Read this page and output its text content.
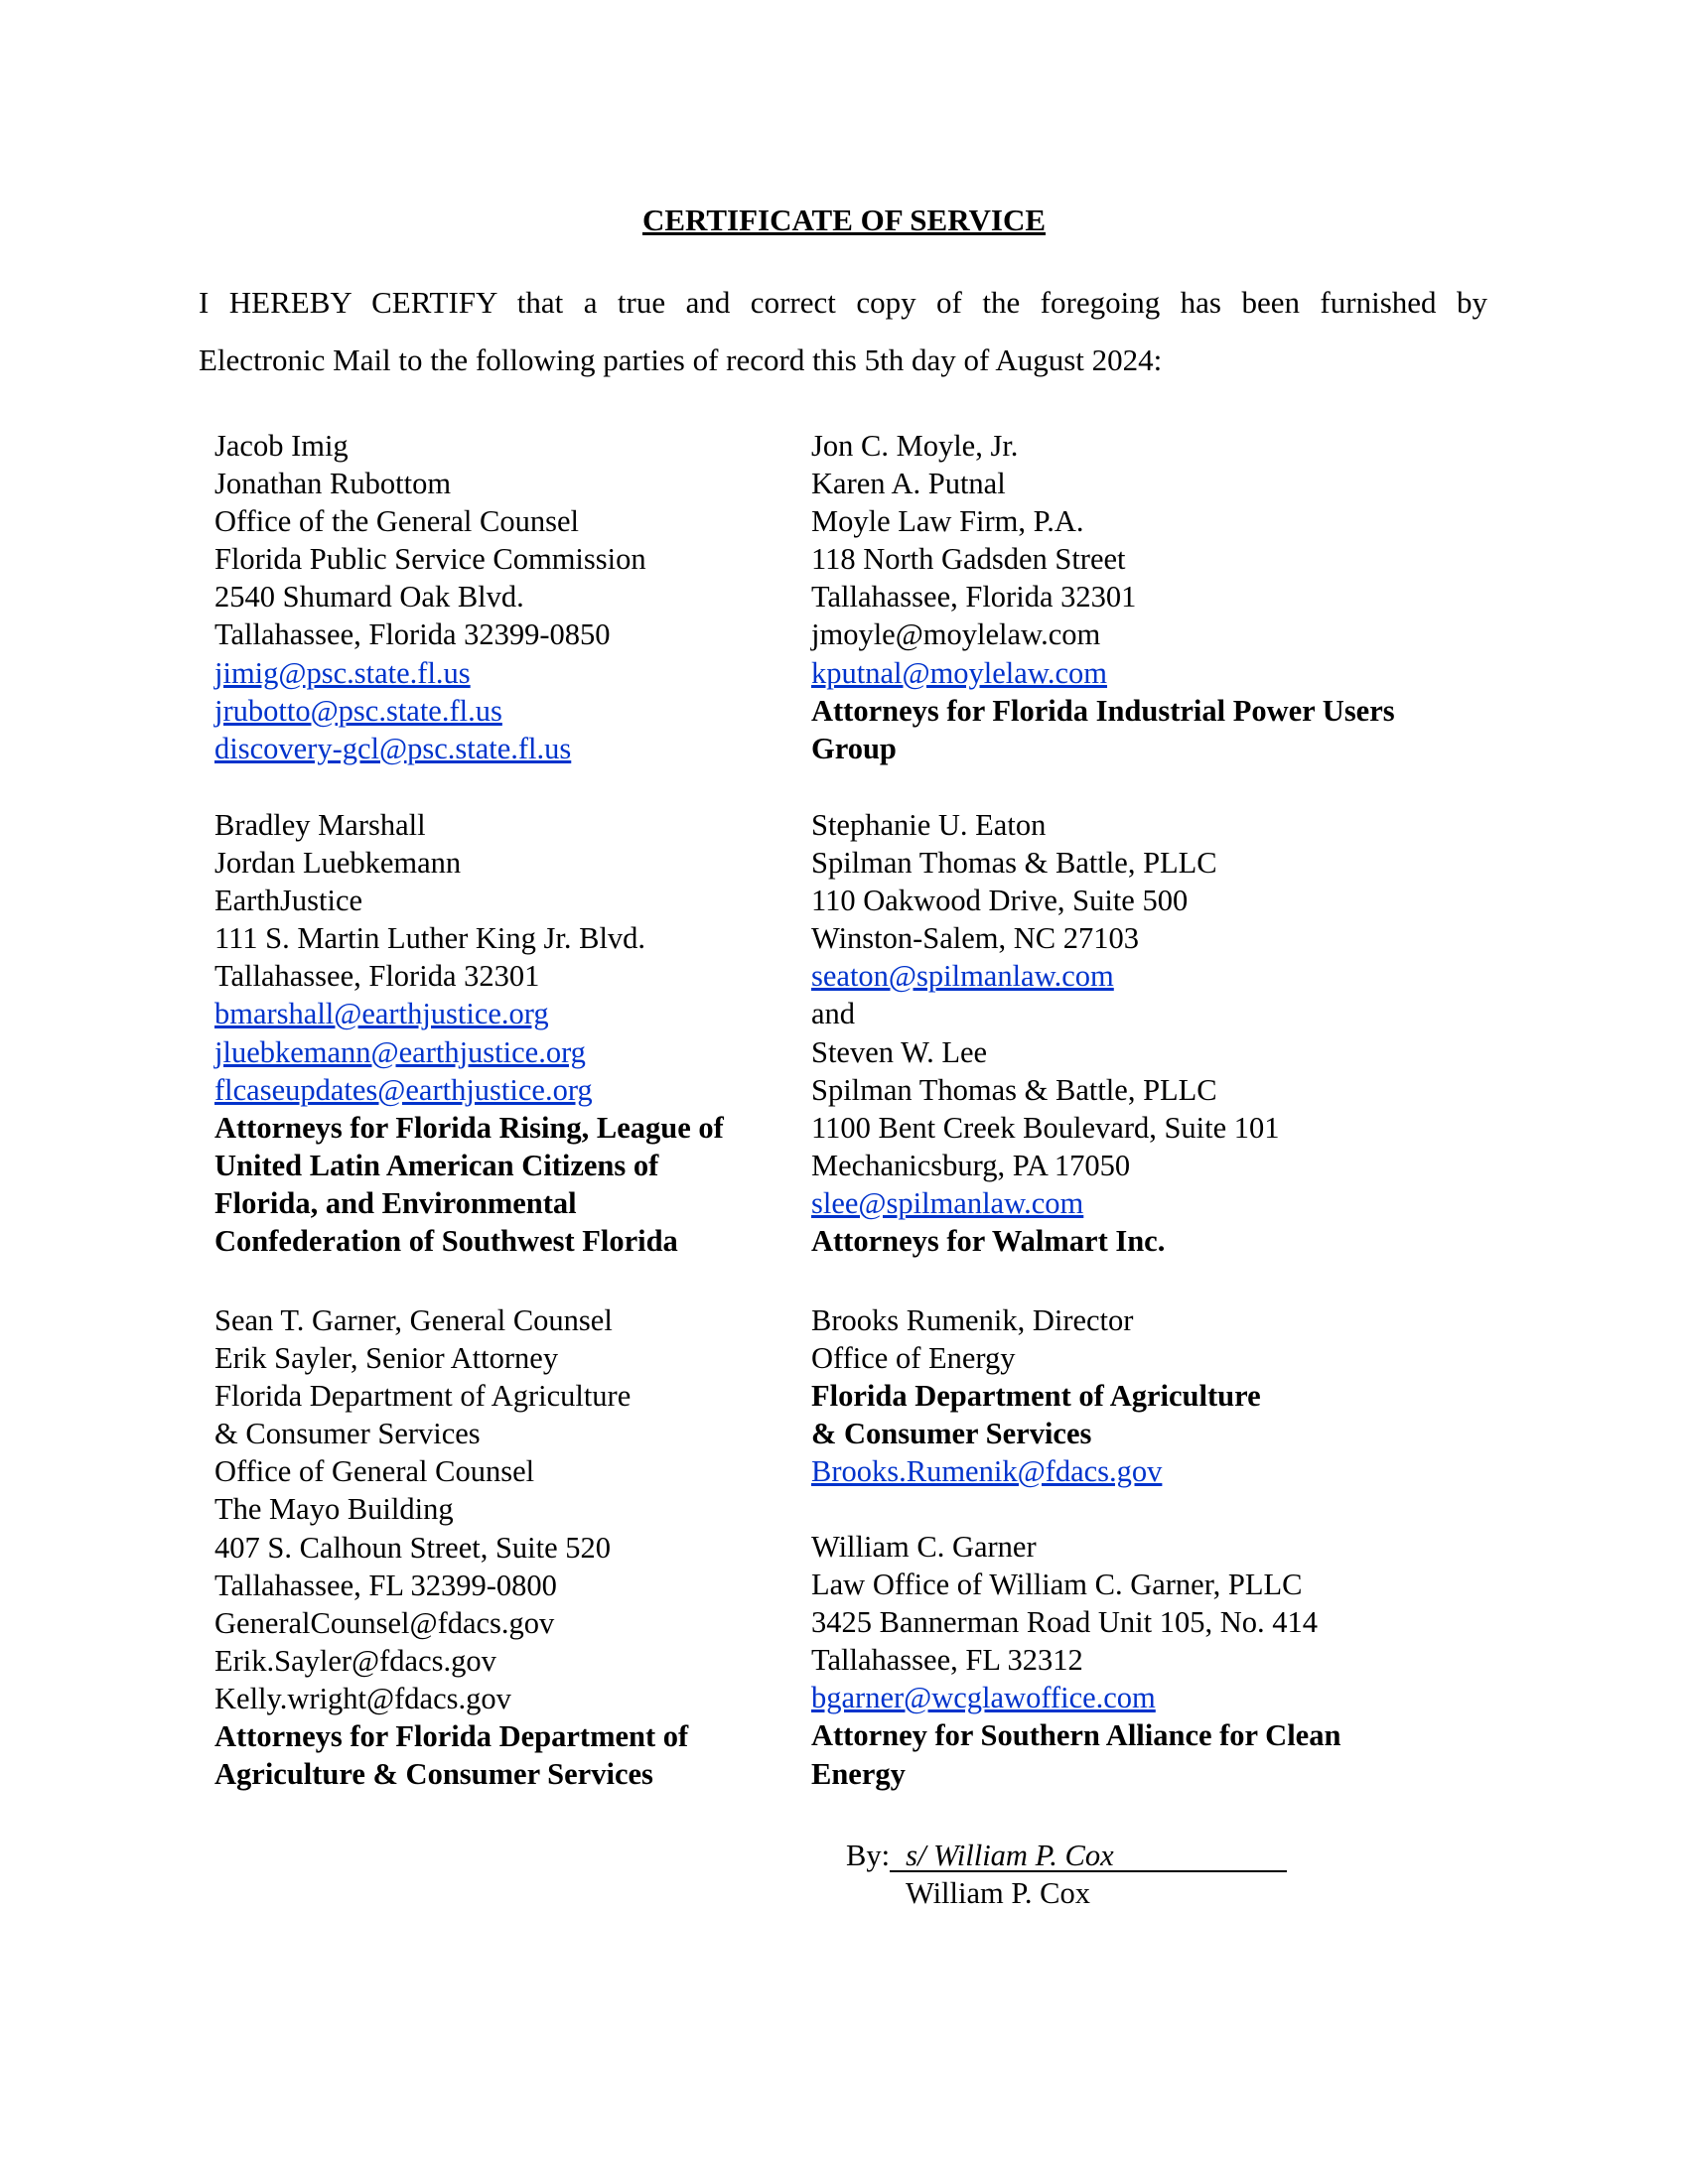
CERTIFICATE OF SERVICE
I HEREBY CERTIFY that a true and correct copy of the foregoing has been furnished by
Electronic Mail to the following parties of record this 5th day of August 2024:
Jacob Imig
Jonathan Rubottom
Office of the General Counsel
Florida Public Service Commission
2540 Shumard Oak Blvd.
Tallahassee, Florida 32399-0850
jimig@psc.state.fl.us
jrubotto@psc.state.fl.us
discovery-gcl@psc.state.fl.us
Bradley Marshall
Jordan Luebkemann
EarthJustice
111 S. Martin Luther King Jr. Blvd.
Tallahassee, Florida 32301
bmarshall@earthjustice.org
jluebkemann@earthjustice.org
flcaseupdates@earthjustice.org
Attorneys for Florida Rising, League of
United Latin American Citizens of
Florida, and Environmental
Confederation of Southwest Florida
Sean T. Garner, General Counsel
Erik Sayler, Senior Attorney
Florida Department of Agriculture
& Consumer Services
Office of General Counsel
The Mayo Building
407 S. Calhoun Street, Suite 520
Tallahassee, FL 32399-0800
GeneralCounsel@fdacs.gov
Erik.Sayler@fdacs.gov
Kelly.wright@fdacs.gov
Attorneys for Florida Department of
Agriculture & Consumer Services
Jon C. Moyle, Jr.
Karen A. Putnal
Moyle Law Firm, P.A.
118 North Gadsden Street
Tallahassee, Florida 32301
jmoyle@moylelaw.com
kputnal@moylelaw.com
Attorneys for Florida Industrial Power Users
Group
Stephanie U. Eaton
Spilman Thomas & Battle, PLLC
110 Oakwood Drive, Suite 500
Winston-Salem, NC 27103
seaton@spilmanlaw.com
and
Steven W. Lee
Spilman Thomas & Battle, PLLC
1100 Bent Creek Boulevard, Suite 101
Mechanicsburg, PA 17050
slee@spilmanlaw.com
Attorneys for Walmart Inc.
Brooks Rumenik, Director
Office of Energy
Florida Department of Agriculture
& Consumer Services
Brooks.Rumenik@fdacs.gov
William C. Garner
Law Office of William C. Garner, PLLC
3425 Bannerman Road Unit 105, No. 414
Tallahassee, FL 32312
bgarner@wcglawoffice.com
Attorney for Southern Alliance for Clean
Energy
By: s/ William P. Cox
William P. Cox
